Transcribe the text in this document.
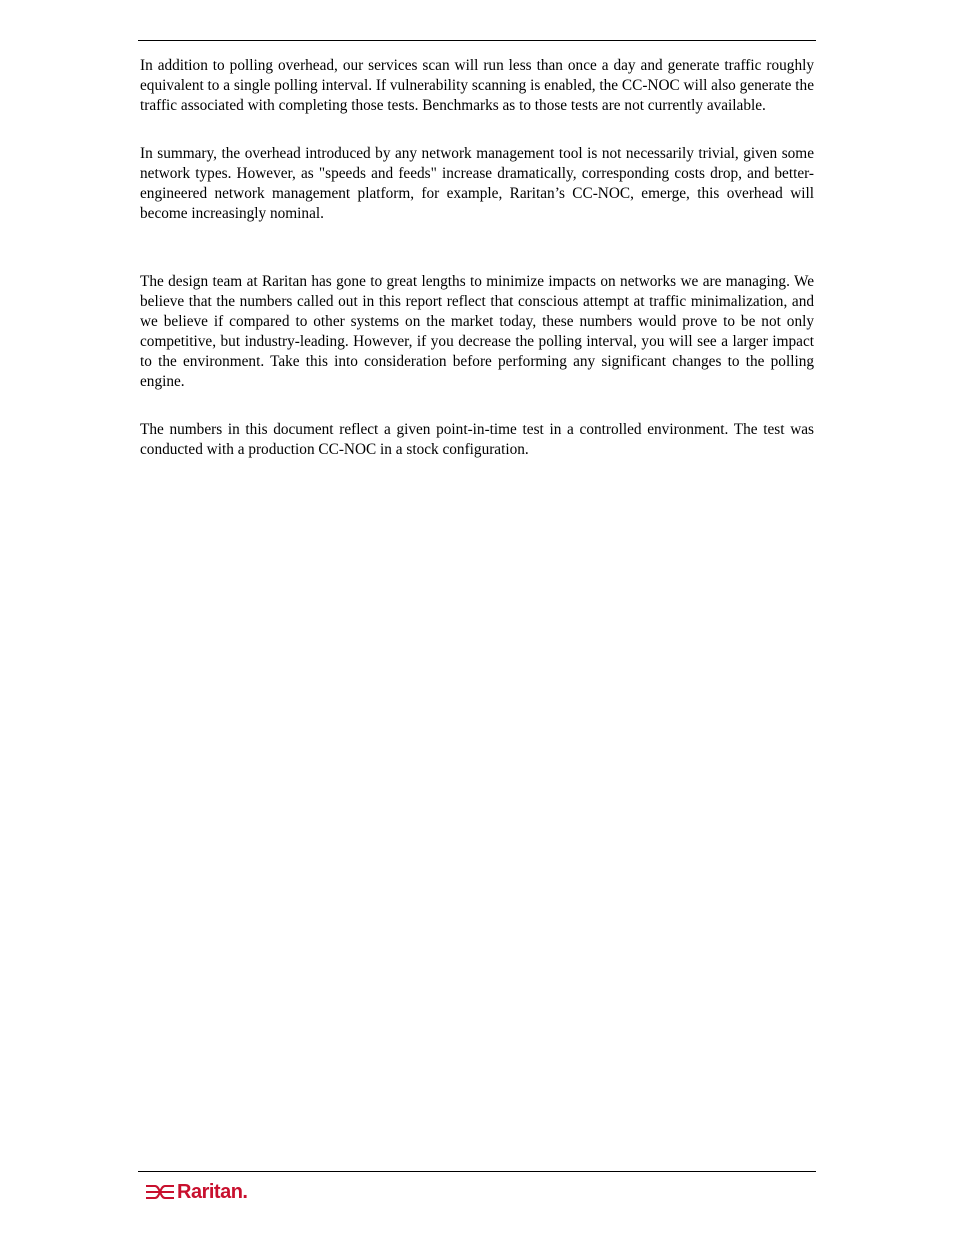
In addition to polling overhead, our services scan will run less than once a day and generate traffic roughly equivalent to a single polling interval. If vulnerability scanning is enabled, the CC-NOC will also generate the traffic associated with completing those tests. Benchmarks as to those tests are not currently available.

In summary, the overhead introduced by any network management tool is not necessarily trivial, given some network types. However, as "speeds and feeds" increase dramatically, corresponding costs drop, and better-engineered network management platform, for example, Raritan’s CC-NOC, emerge, this overhead will become increasingly nominal.

The design team at Raritan has gone to great lengths to minimize impacts on networks we are managing. We believe that the numbers called out in this report reflect that conscious attempt at traffic minimalization, and we believe if compared to other systems on the market today, these numbers would prove to be not only competitive, but industry-leading. However, if you decrease the polling interval, you will see a larger impact to the environment. Take this into consideration before performing any significant changes to the polling engine.

The numbers in this document reflect a given point-in-time test in a controlled environment. The test was conducted with a production CC-NOC in a stock configuration.

Raritan.
